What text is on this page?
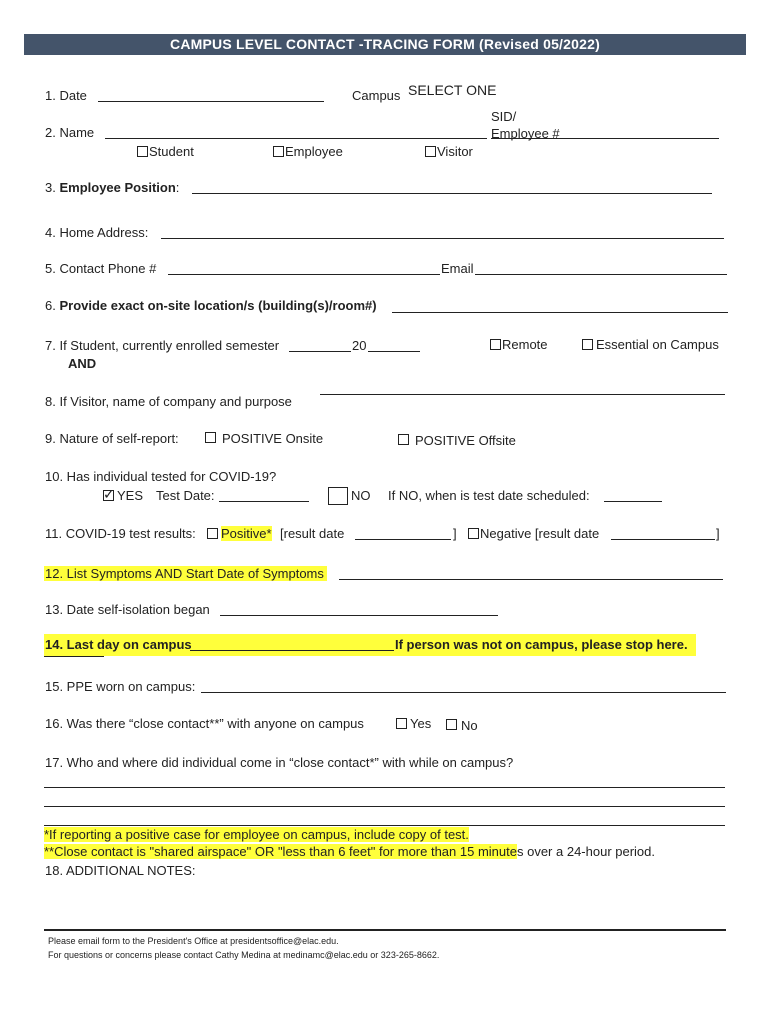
CAMPUS LEVEL CONTACT -TRACING FORM (Revised 05/2022)
1. Date	Campus SELECT ONE
2. Name
SID/
Employee #
Student	Employee	Visitor
3. Employee Position:
4. Home Address:
5. Contact Phone #	Email
6. Provide exact on-site location/s (building(s)/room#)
7. If Student, currently enrolled semester	20
AND
Remote	Essential on Campus
8. If Visitor, name of company and purpose
9. Nature of self-report:	POSITIVE Onsite	POSITIVE Offsite
10. Has individual tested for COVID-19?
✓
YES Test Date:	NO If NO, when is test date scheduled:
11. COVID-19 test results: Positive* [result date	] Negative [result date	]
12. List Symptoms AND Start Date of Symptoms
13. Date self-isolation began
14. Last day on campus	If person was not on campus, please stop here.
15. PPE worn on campus:
16. Was there “close contact**” with anyone on campus	Yes No
17. Who and where did individual come in “close contact*” with while on campus?
*If reporting a positive case for employee on campus, include copy of test.
**Close contact is "shared airspace" OR "less than 6 feet" for more than 15 minutes over a 24-hour period.
18. ADDITIONAL NOTES:
Please email form to the President's Office at presidentsoffice@elac.edu.
For questions or concerns please contact Cathy Medina at medinamc@elac.edu or 323-265-8662.
